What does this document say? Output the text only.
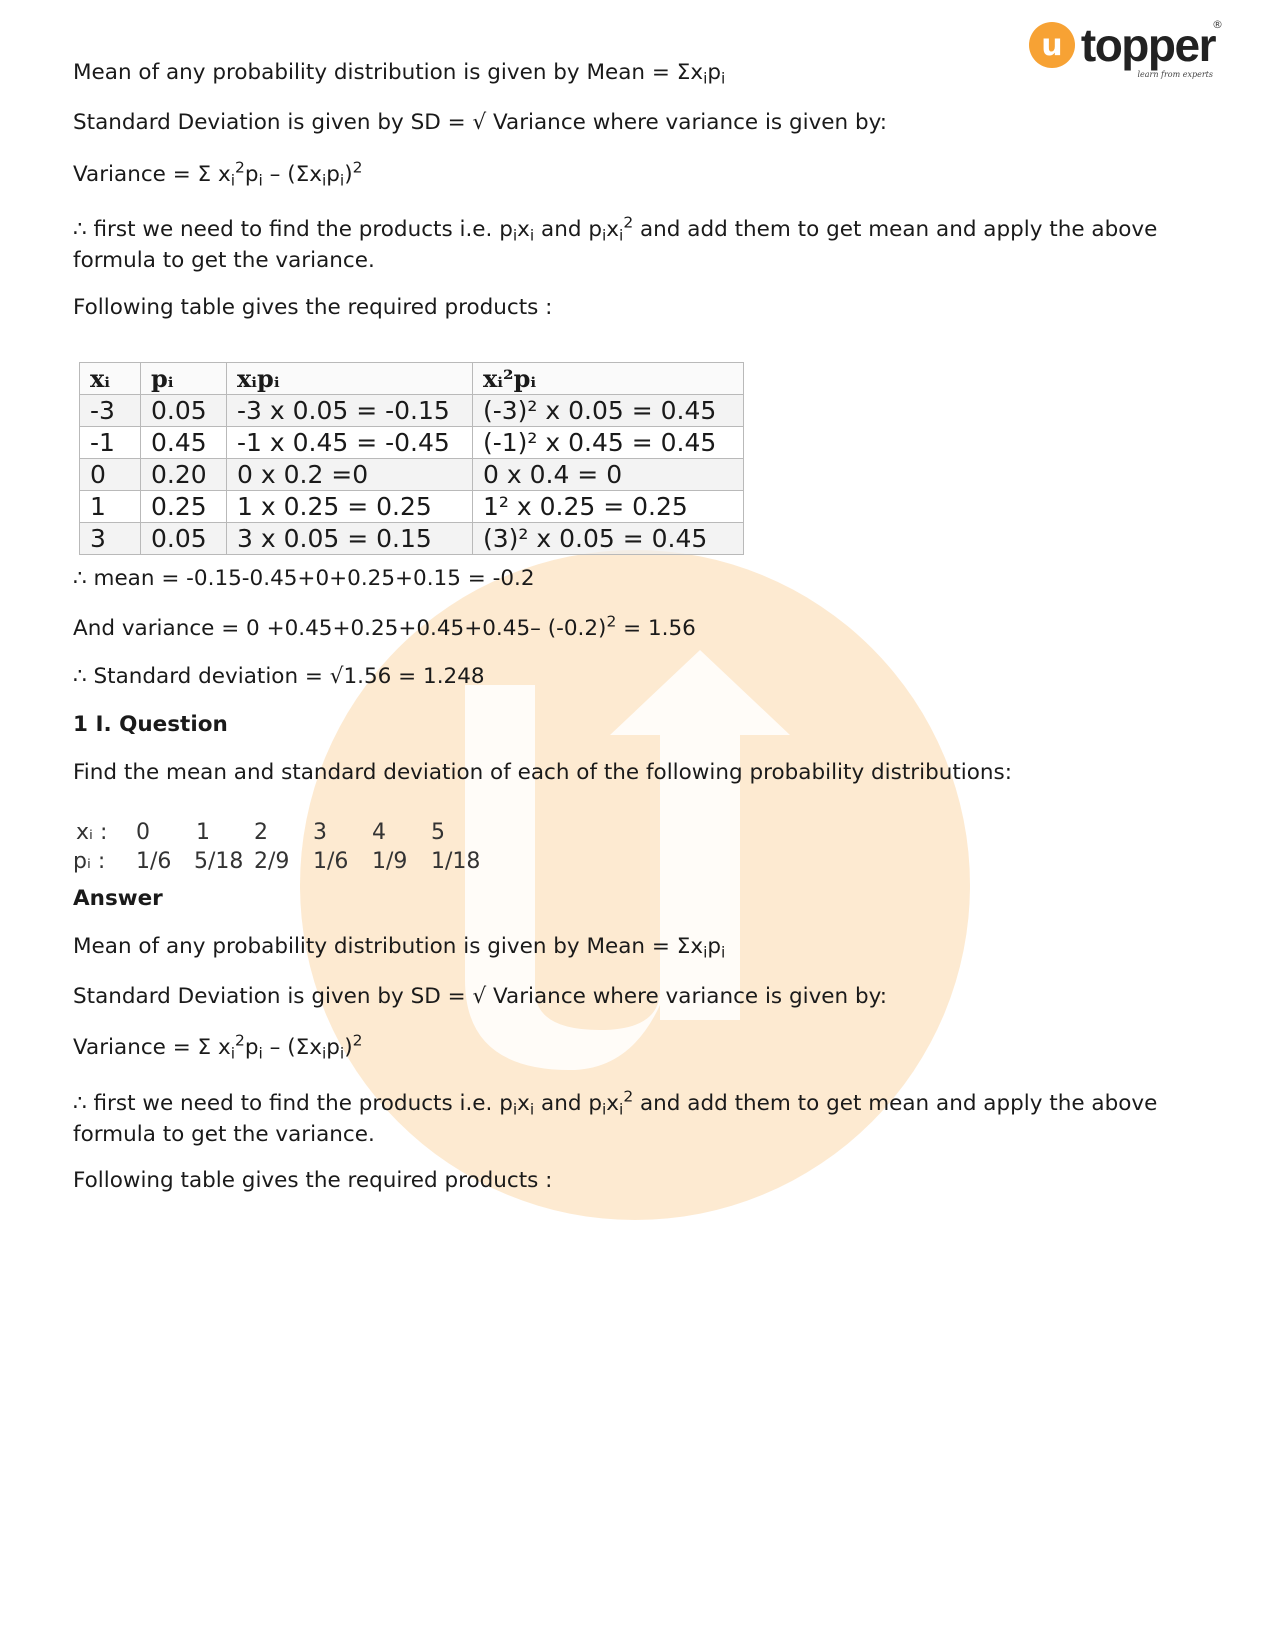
u topper
learn from experts
®
Mean of any probability distribution is given by Mean = $\Sigma x_ip_i$
Standard Deviation is given by SD = √ Variance where variance is given by:
Variance = Σ $x_i^2p_i - (\Sigma x_ip_i)^2$
∴ first we need to find the products i.e. $p_ix_i$ and $p_ix_i^2$ and add them to get mean and apply the above formula to get the variance.
Following table gives the required products :
∴ mean = -0.15-0.45+0+0.25+0.15 = -0.2
And variance = 0 +0.45+0.25+0.45+0.45– $(-0.2)^2 = 1.56$
∴ Standard deviation = √1.56 = 1.248
1 I. Question
Find the mean and standard deviation of each of the following probability distributions:
Answer
Mean of any probability distribution is given by Mean = $\Sigma x_ip_i$
Standard Deviation is given by SD = √ Variance where variance is given by:
Variance = Σ $x_i^2p_i - (\Sigma x_ip_i)^2$
∴ first we need to find the products i.e. $p_ix_i$ and $p_ix_i^2$ and add them to get mean and apply the above formula to get the variance.
Following table gives the required products :
xᵢ	pᵢ	xᵢpᵢ	xᵢ²pᵢ
-3	0.05	-3 x 0.05 = -0.15	(-3)² x 0.05 = 0.45
-1	0.45	-1 x 0.45 = -0.45	(-1)² x 0.45 = 0.45
0	0.20	0 x 0.2 =0	0 x 0.4 = 0
1	0.25	1 x 0.25 = 0.25	1² x 0.25 = 0.25
3	0.05	3 x 0.05 = 0.15	(3)² x 0.05 = 0.45
xᵢ : 0 1 2 3 4 5
pᵢ : 1/6 5/18 2/9 1/6 1/9 1/18
